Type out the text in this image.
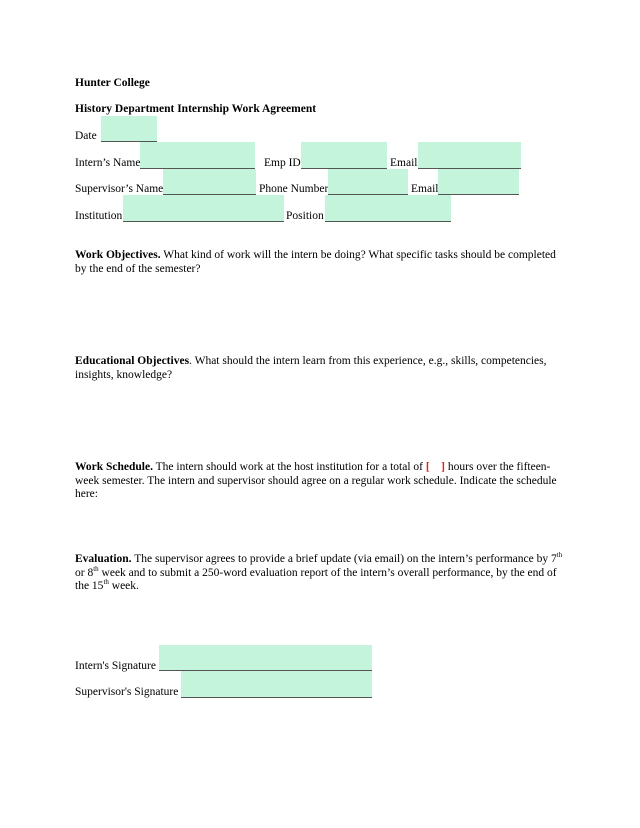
Hunter College
History Department Internship Work Agreement
Date
Intern’s Name	Emp ID	Email
Supervisor’s Name	Phone Number	Email
Institution	Position
Work Objectives. What kind of work will the intern be doing? What specific tasks should be completed by the end of the semester?
Educational Objectives. What should the intern learn from this experience, e.g., skills, competencies, insights, knowledge?
Work Schedule. The intern should work at the host institution for a total of [    ] hours over the fifteen-week semester. The intern and supervisor should agree on a regular work schedule. Indicate the schedule here:
Evaluation. The supervisor agrees to provide a brief update (via email) on the intern’s performance by 7th or 8th week and to submit a 250-word evaluation report of the intern’s overall performance, by the end of the 15th week.
Intern's Signature
Supervisor's Signature
